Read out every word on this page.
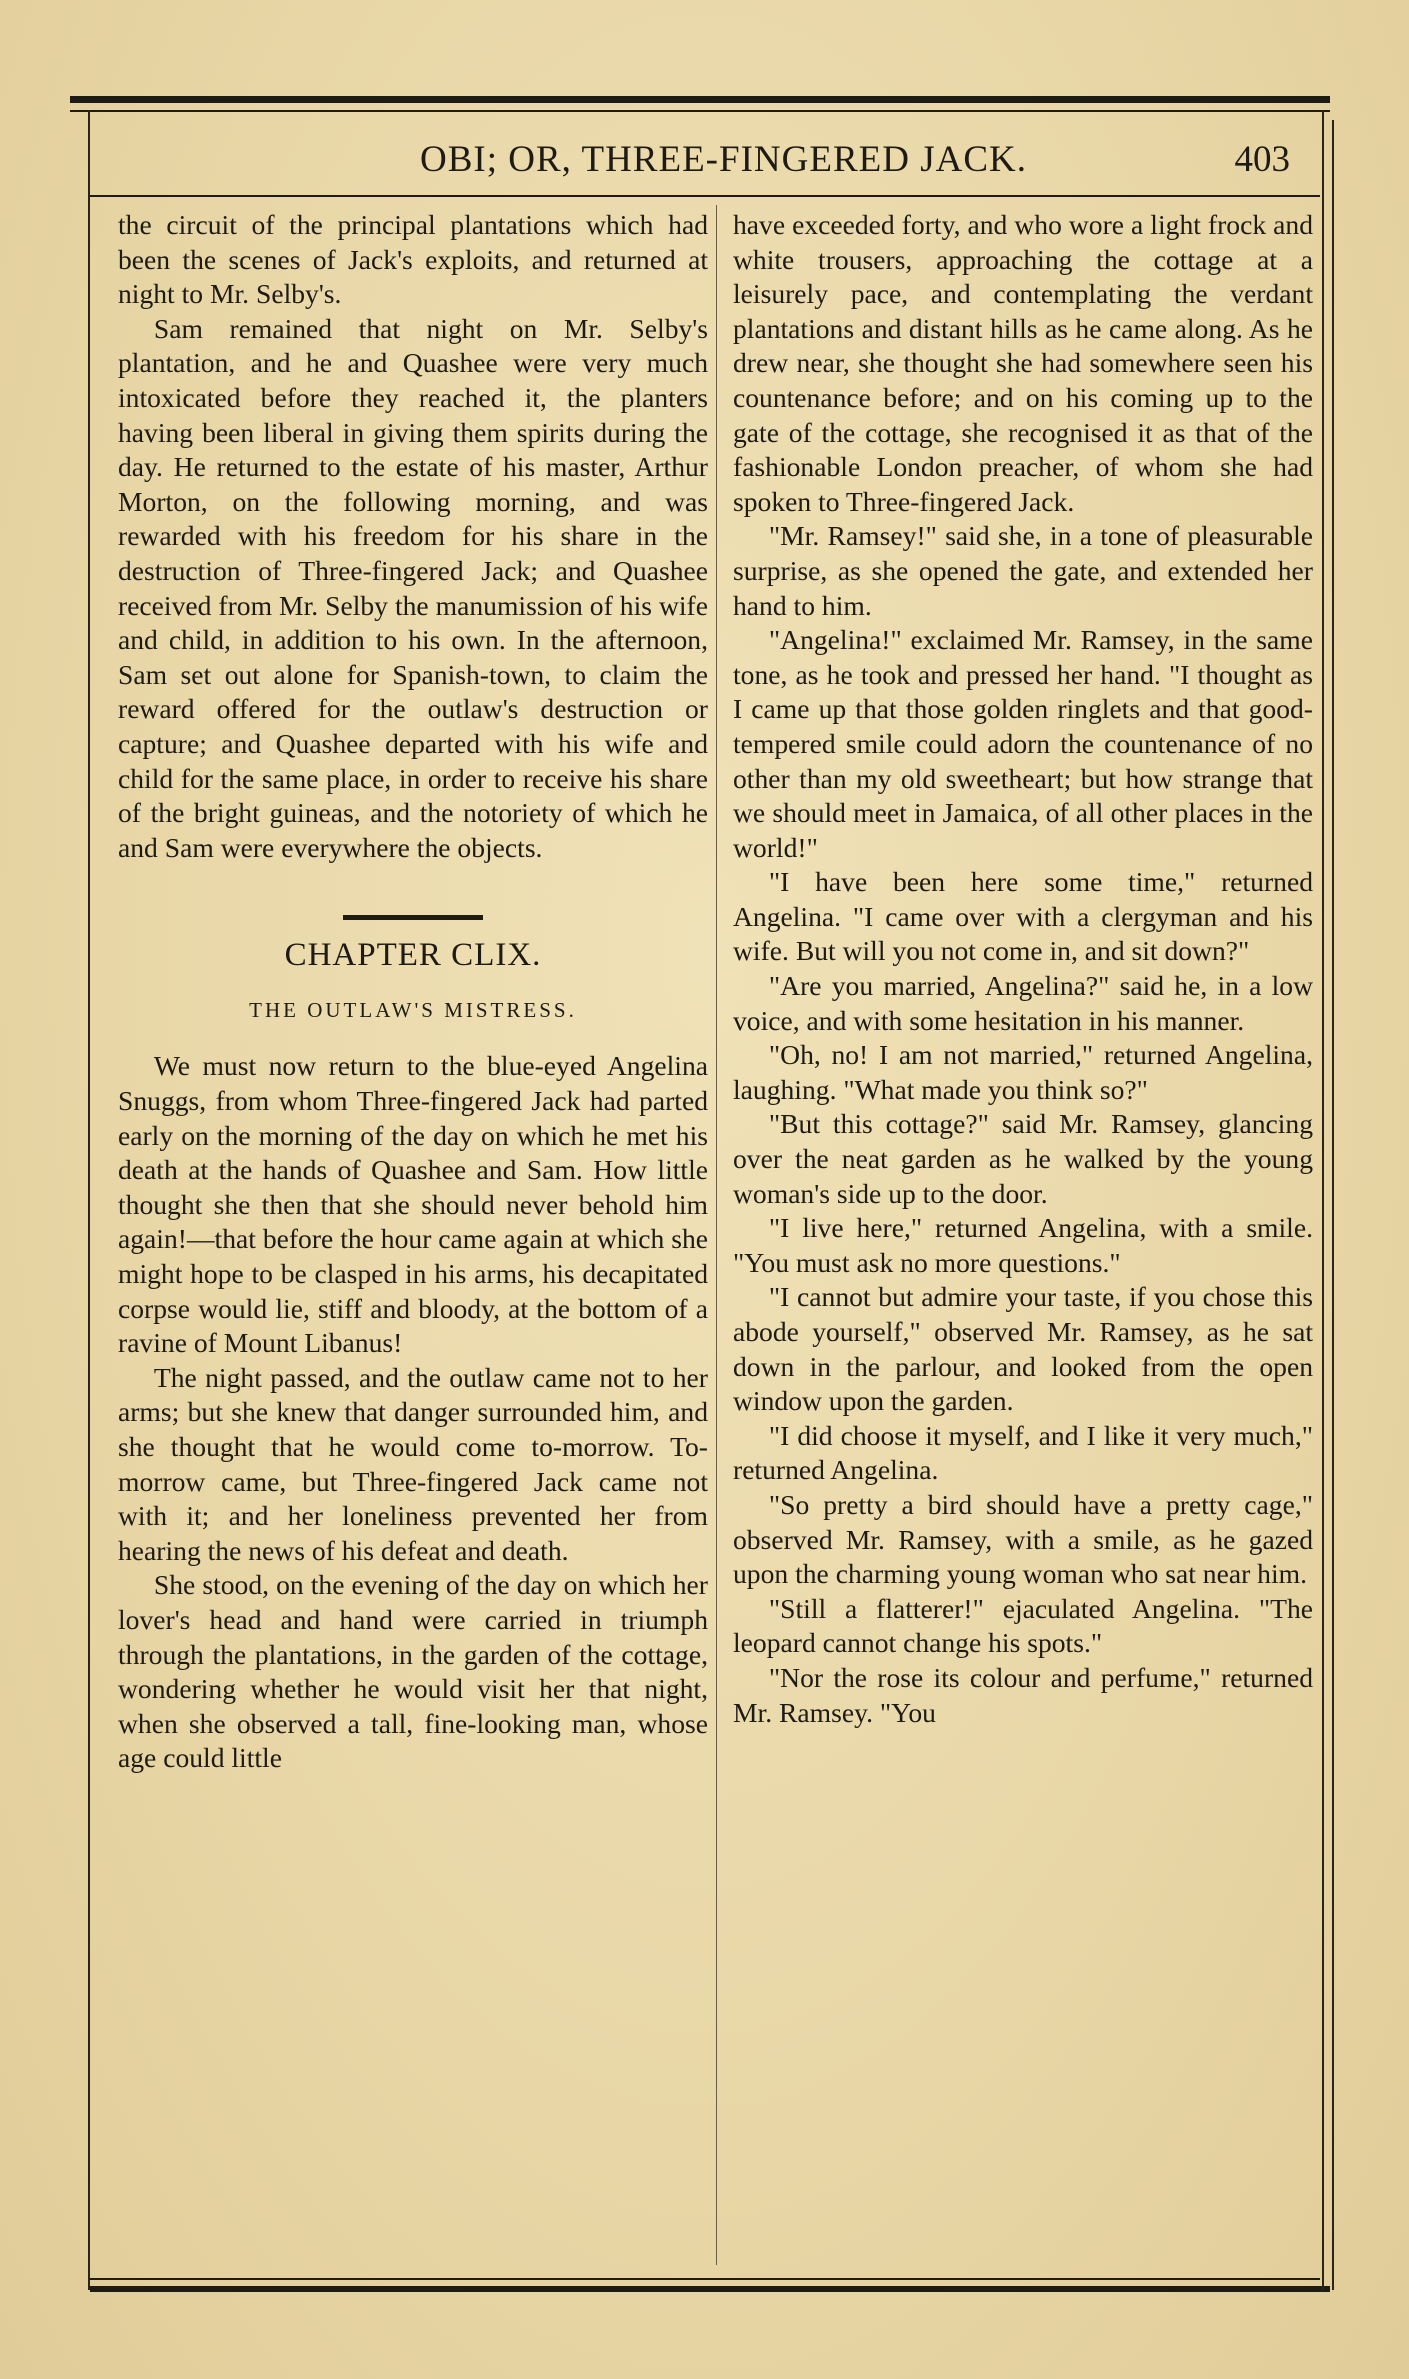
OBI; OR, THREE-FINGERED JACK.	403

the circuit of the principal plantations which had been the scenes of Jack's exploits, and returned at night to Mr. Selby's.

Sam remained that night on Mr. Selby's plantation, and he and Quashee were very much intoxicated before they reached it, the planters having been liberal in giving them spirits during the day. He returned to the estate of his master, Arthur Morton, on the following morning, and was rewarded with his freedom for his share in the destruction of Three-fingered Jack; and Quashee received from Mr. Selby the manumission of his wife and child, in addition to his own. In the afternoon, Sam set out alone for Spanish-town, to claim the reward offered for the outlaw's destruction or capture; and Quashee departed with his wife and child for the same place, in order to receive his share of the bright guineas, and the notoriety of which he and Sam were everywhere the objects.

CHAPTER CLIX.
THE OUTLAW'S MISTRESS.

We must now return to the blue-eyed Angelina Snuggs, from whom Three-fingered Jack had parted early on the morning of the day on which he met his death at the hands of Quashee and Sam. How little thought she then that she should never behold him again!—that before the hour came again at which she might hope to be clasped in his arms, his decapitated corpse would lie, stiff and bloody, at the bottom of a ravine of Mount Libanus!

The night passed, and the outlaw came not to her arms; but she knew that danger surrounded him, and she thought that he would come to-morrow. To-morrow came, but Three-fingered Jack came not with it; and her loneliness prevented her from hearing the news of his defeat and death.

She stood, on the evening of the day on which her lover's head and hand were carried in triumph through the plantations, in the garden of the cottage, wondering whether he would visit her that night, when she observed a tall, fine-looking man, whose age could little

have exceeded forty, and who wore a light frock and white trousers, approaching the cottage at a leisurely pace, and contemplating the verdant plantations and distant hills as he came along. As he drew near, she thought she had somewhere seen his countenance before; and on his coming up to the gate of the cottage, she recognised it as that of the fashionable London preacher, of whom she had spoken to Three-fingered Jack.

"Mr. Ramsey!" said she, in a tone of pleasurable surprise, as she opened the gate, and extended her hand to him.

"Angelina!" exclaimed Mr. Ramsey, in the same tone, as he took and pressed her hand. "I thought as I came up that those golden ringlets and that good-tempered smile could adorn the countenance of no other than my old sweetheart; but how strange that we should meet in Jamaica, of all other places in the world!"

"I have been here some time," returned Angelina. "I came over with a clergyman and his wife. But will you not come in, and sit down?"

"Are you married, Angelina?" said he, in a low voice, and with some hesitation in his manner.

"Oh, no! I am not married," returned Angelina, laughing. "What made you think so?"

"But this cottage?" said Mr. Ramsey, glancing over the neat garden as he walked by the young woman's side up to the door.

"I live here," returned Angelina, with a smile. "You must ask no more questions."

"I cannot but admire your taste, if you chose this abode yourself," observed Mr. Ramsey, as he sat down in the parlour, and looked from the open window upon the garden.

"I did choose it myself, and I like it very much," returned Angelina.

"So pretty a bird should have a pretty cage," observed Mr. Ramsey, with a smile, as he gazed upon the charming young woman who sat near him.

"Still a flatterer!" ejaculated Angelina. "The leopard cannot change his spots."

"Nor the rose its colour and perfume," returned Mr. Ramsey. "You
